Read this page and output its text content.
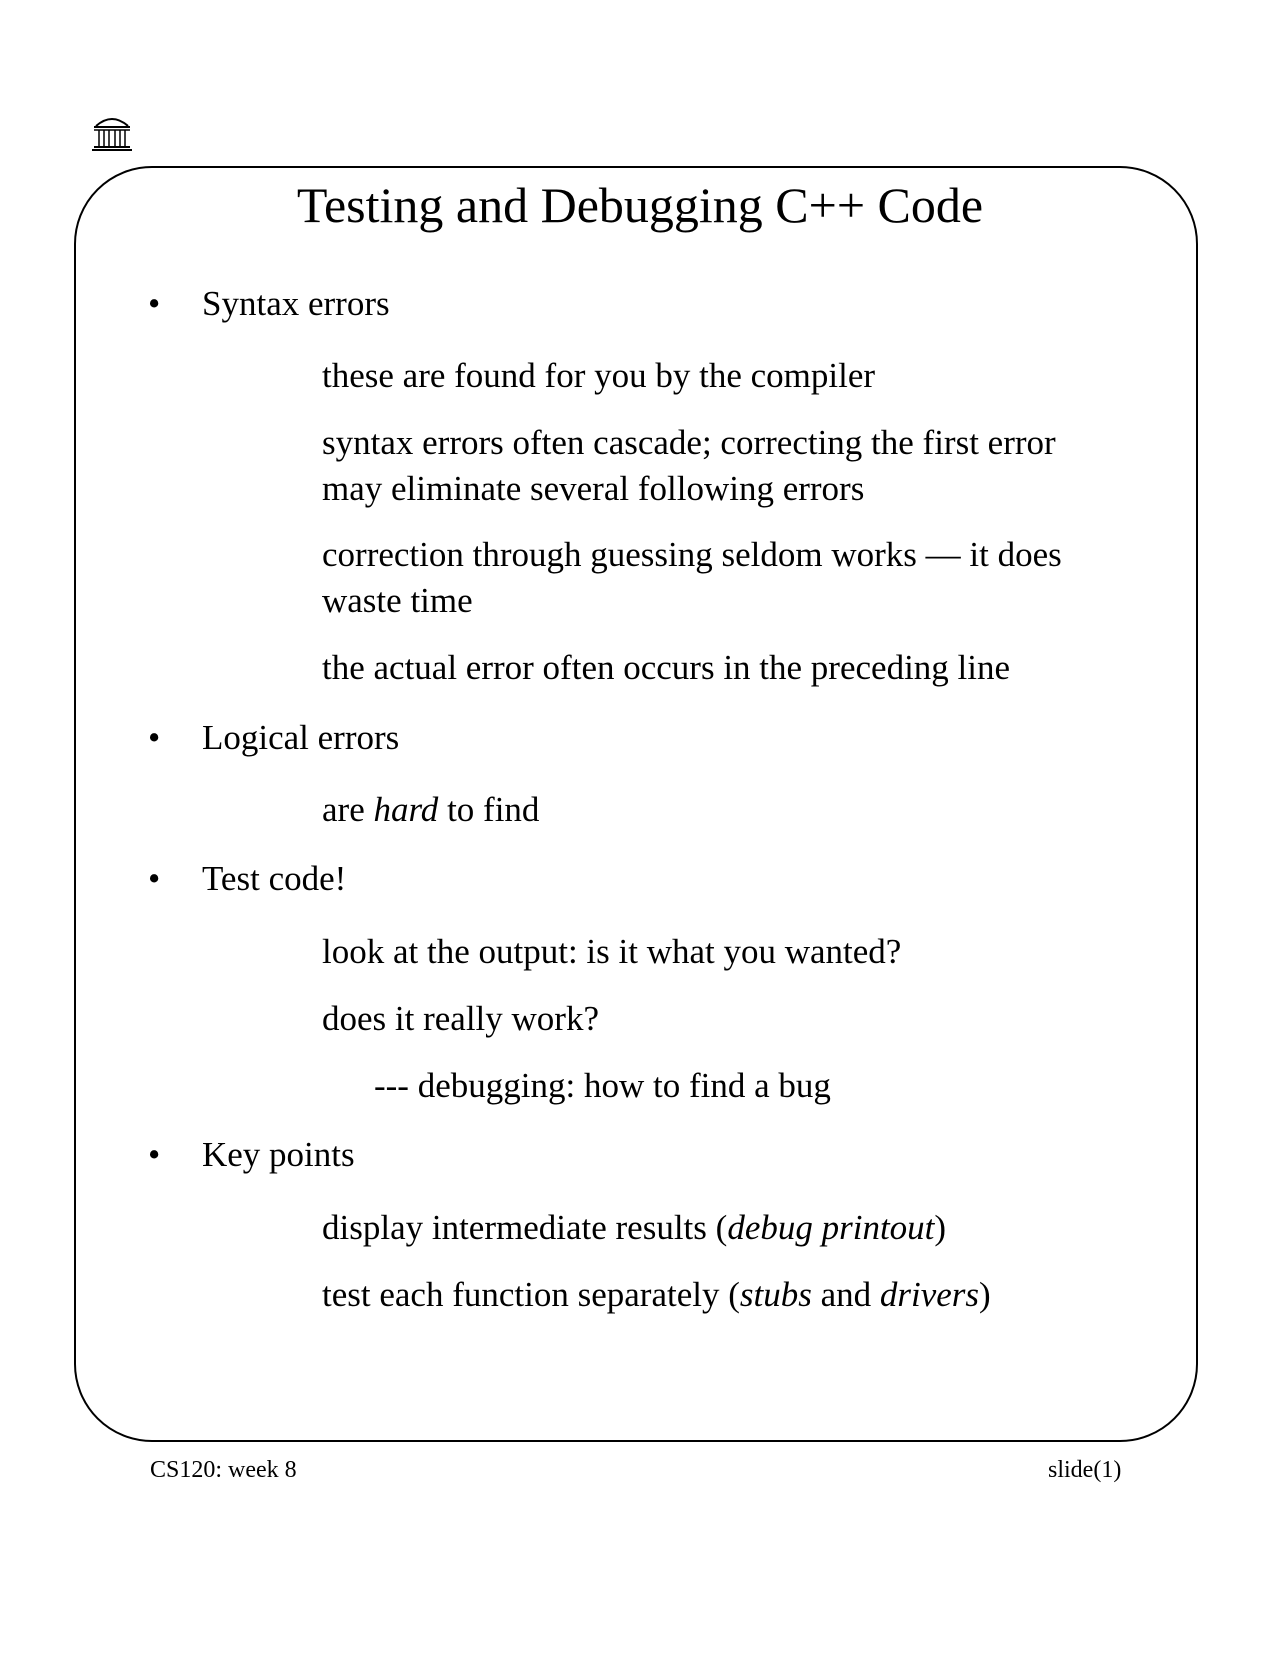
Testing and Debugging C++ Code
• Syntax errors
these are found for you by the compiler
syntax errors often cascade; correcting the first error
may eliminate several following errors
correction through guessing seldom works — it does
waste time
the actual error often occurs in the preceding line
• Logical errors
are hard to find
• Test code!
look at the output: is it what you wanted?
does it really work?
--- debugging: how to find a bug
• Key points
display intermediate results (debug printout)
test each function separately (stubs and drivers)
CS120: week 8	slide(1)
